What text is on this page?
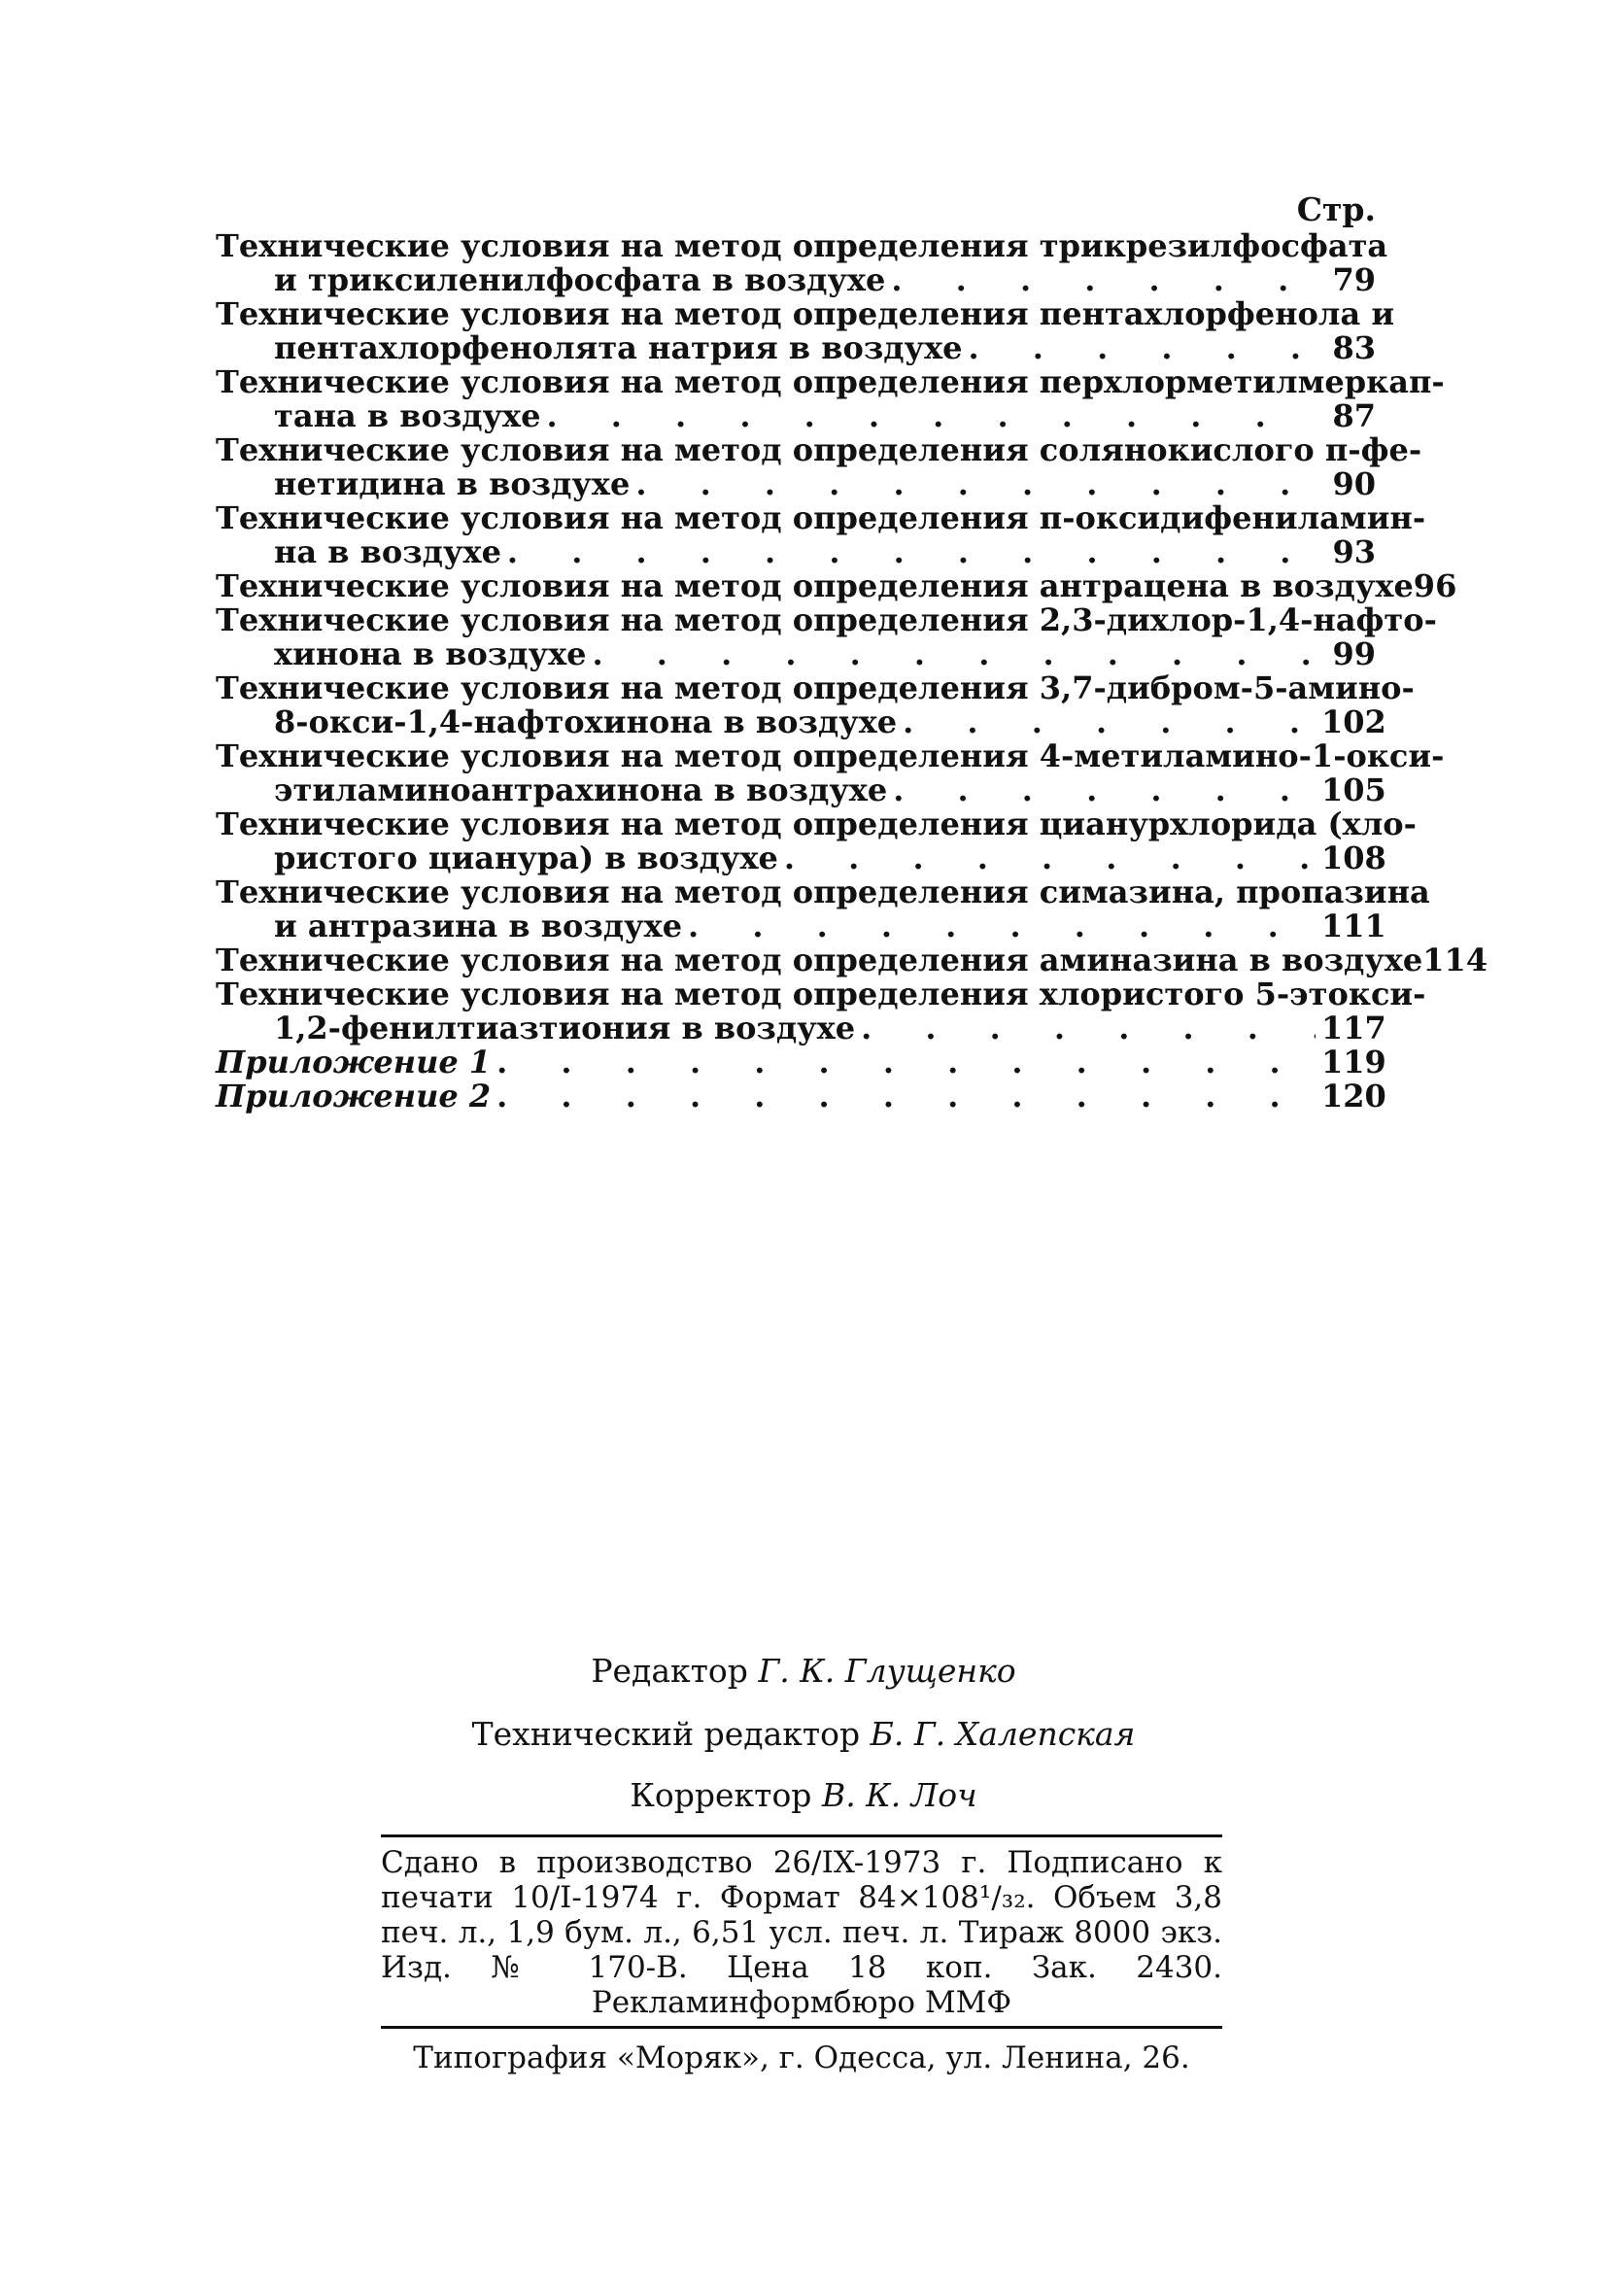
Стр.
Технические условия на метод определения трикрезилфосфата
и триксиленилфосфата в воздухе . . .	79
Технические условия на метод определения пентахлорфенола и
пентахлорфенолята натрия в воздухе . . .	83
Технические условия на метод определения перхлорметилмеркап-
тана в воздухе . . .	87
Технические условия на метод определения солянокислого п-фе-
нетидина в воздухе . . .	90
Технические условия на метод определения п-оксидифениламин-
на в воздухе . . .	93
Технические условия на метод определения антрацена в воздухе 96
Технические условия на метод определения 2,3-дихлор-1,4-нафто-
хинона в воздухе . . .	99
Технические условия на метод определения 3,7-дибром-5-амино-
8-окси-1,4-нафтохинона в воздухе . . .	102
Технические условия на метод определения 4-метиламино-1-окси-
этиламиноантрахинона в воздухе . . .	105
Технические условия на метод определения цианурхлорида (хло-
ристого цианура) в воздухе . . .	108
Технические условия на метод определения симазина, пропазина
и антразина в воздухе . . .	111
Технические условия на метод определения аминазина в воздухе 114
Технические условия на метод определения хлористого 5-этокси-
1,2-фенилтиазтиония в воздухе . . .	117
Приложение 1 . . .	119
Приложение 2 . . .	120
Редактор Г. К. Глущенко
Технический редактор Б. Г. Халепская
Корректор В. К. Лоч
Сдано в производство 26/IX-1973 г. Подписано к печати 10/I-1974 г. Формат 84×108¹/₃₂. Объем 3,8 печ. л., 1,9 бум. л., 6,51 усл. печ. л. Тираж 8000 экз. Изд. № 170-В. Цена 18 коп. Зак. 2430. Рекламинформбюро ММФ
Типография «Моряк», г. Одесса, ул. Ленина, 26.
